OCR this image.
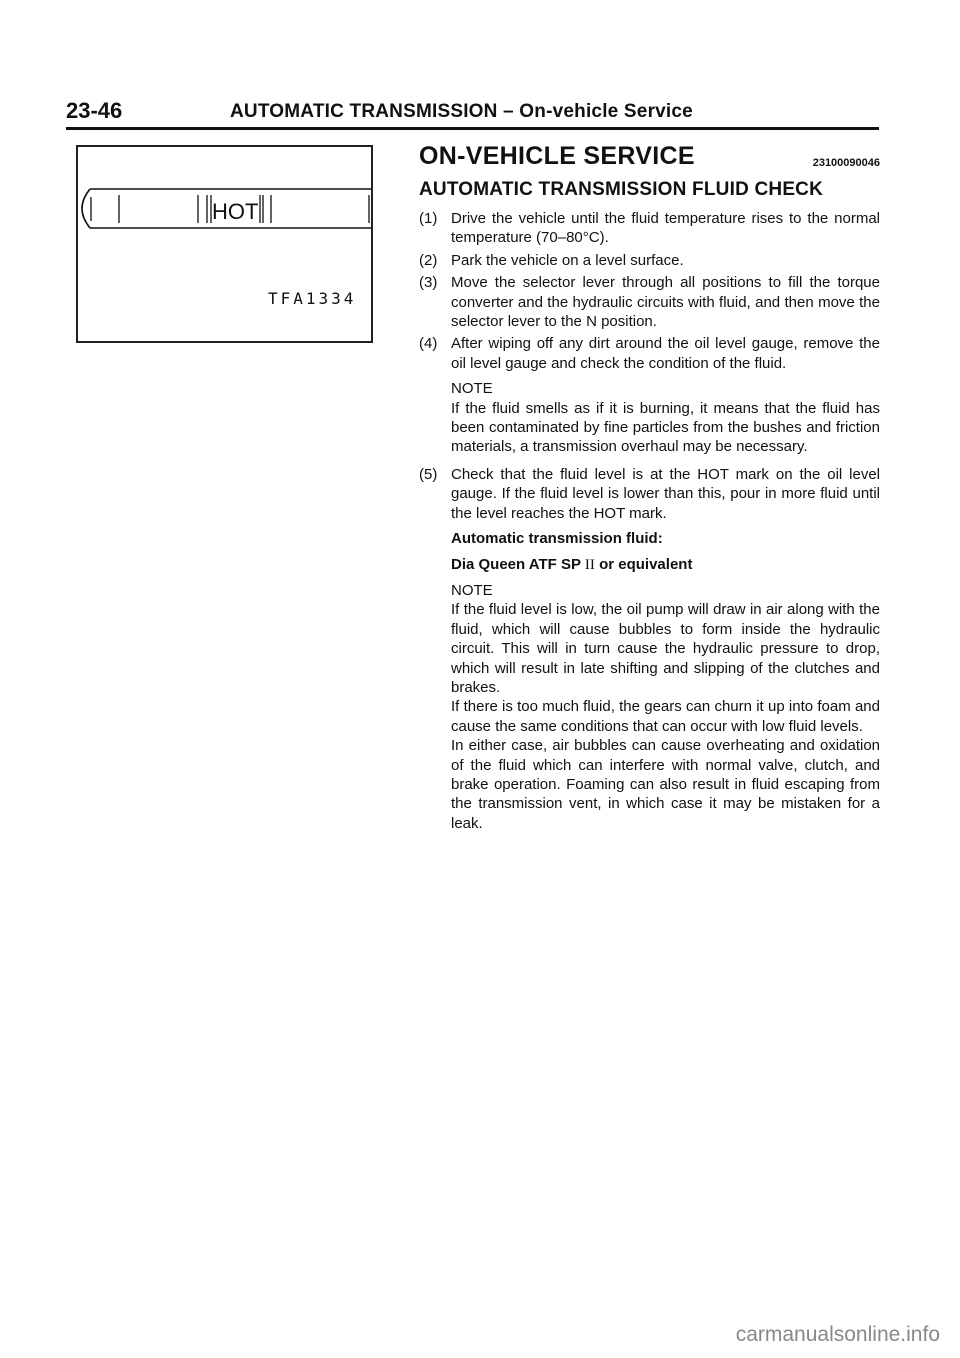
23-46	AUTOMATIC TRANSMISSION – On-vehicle Service
HOT
TFA1334
ON-VEHICLE SERVICE	23100090046
AUTOMATIC TRANSMISSION FLUID CHECK
(1) Drive the vehicle until the fluid temperature rises to the normal temperature (70–80°C).
(2) Park the vehicle on a level surface.
(3) Move the selector lever through all positions to fill the torque converter and the hydraulic circuits with fluid, and then move the selector lever to the N position.
(4) After wiping off any dirt around the oil level gauge, remove the oil level gauge and check the condition of the fluid.
NOTE
If the fluid smells as if it is burning, it means that the fluid has been contaminated by fine particles from the bushes and friction materials, a transmission overhaul may be necessary.
(5) Check that the fluid level is at the HOT mark on the oil level gauge. If the fluid level is lower than this, pour in more fluid until the level reaches the HOT mark.
Automatic transmission fluid:
Dia Queen ATF SP II or equivalent
NOTE
If the fluid level is low, the oil pump will draw in air along with the fluid, which will cause bubbles to form inside the hydraulic circuit. This will in turn cause the hydraulic pressure to drop, which will result in late shifting and slipping of the clutches and brakes.
If there is too much fluid, the gears can churn it up into foam and cause the same conditions that can occur with low fluid levels.
In either case, air bubbles can cause overheating and oxidation of the fluid which can interfere with normal valve, clutch, and brake operation. Foaming can also result in fluid escaping from the transmission vent, in which case it may be mistaken for a leak.
carmanualsonline.info
